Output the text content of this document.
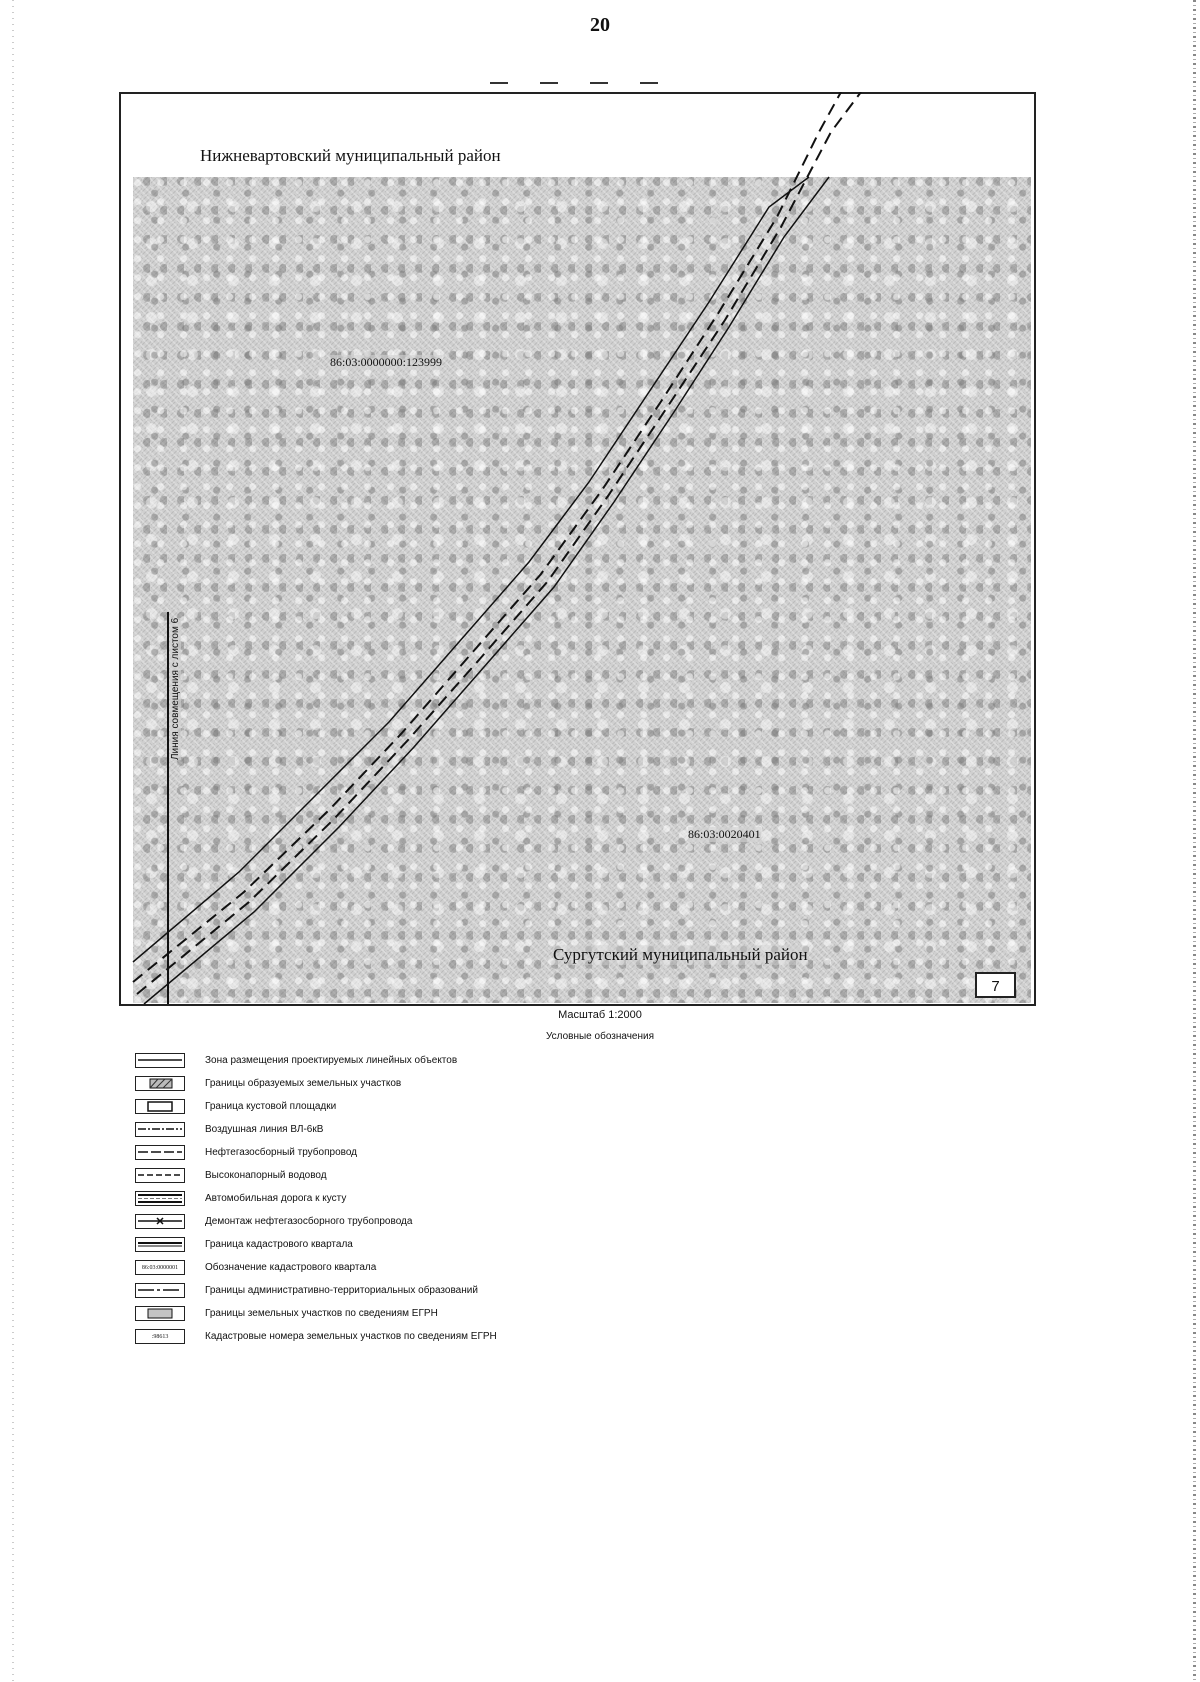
20
Нижневартовский муниципальный район
86:03:0000000:123999
86:03:0020401
Сургутский муниципальный район
Линия совмещения с листом 6
7
Масштаб 1:2000
Условные обозначения
Зона размещения проектируемых линейных объектов
Границы образуемых земельных участков
Граница кустовой площадки
Воздушная линия ВЛ-6кВ
Нефтегазосборный трубопровод
Высоконапорный водовод
Автомобильная дорога к кусту
Демонтаж нефтегазосборного трубопровода
Граница кадастрового квартала
86:03:0000001	Обозначение кадастрового квартала
Границы административно-территориальных образований
Границы земельных участков по сведениям ЕГРН
:98613	Кадастровые номера земельных участков по сведениям ЕГРН
